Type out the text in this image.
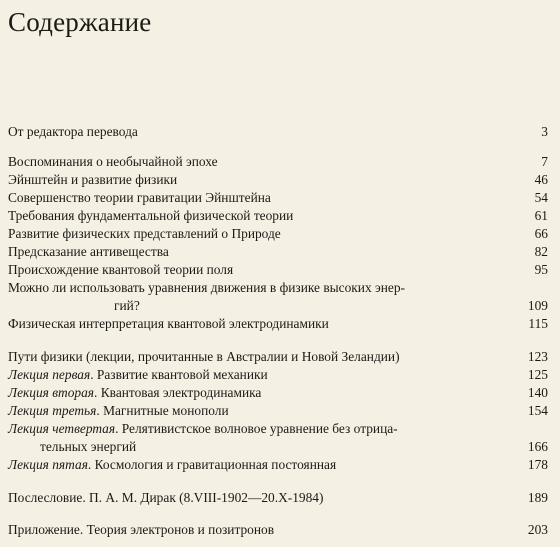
Содержание
От редактора перевода	3
Воспоминания о необычайной эпохе	7
Эйнштейн и развитие физики	46
Совершенство теории гравитации Эйнштейна	54
Требования фундаментальной физической теории	61
Развитие физических представлений о Природе	66
Предсказание антивещества	82
Происхождение квантовой теории поля	95
Можно ли использовать уравнения движения в физике высоких энер-
гий?	109
Физическая интерпретация квантовой электродинамики	115
Пути физики (лекции, прочитанные в Австралии и Новой Зеландии)	123
Лекция первая. Развитие квантовой механики	125
Лекция вторая. Квантовая электродинамика	140
Лекция третья. Магнитные монополи	154
Лекция четвертая. Релятивистское волновое уравнение без отрица-
тельных энергий	166
Лекция пятая. Космология и гравитационная постоянная	178
Послесловие. П. А. М. Дирак (8.VIII-1902—20.X-1984)	189
Приложение. Теория электронов и позитронов	203
